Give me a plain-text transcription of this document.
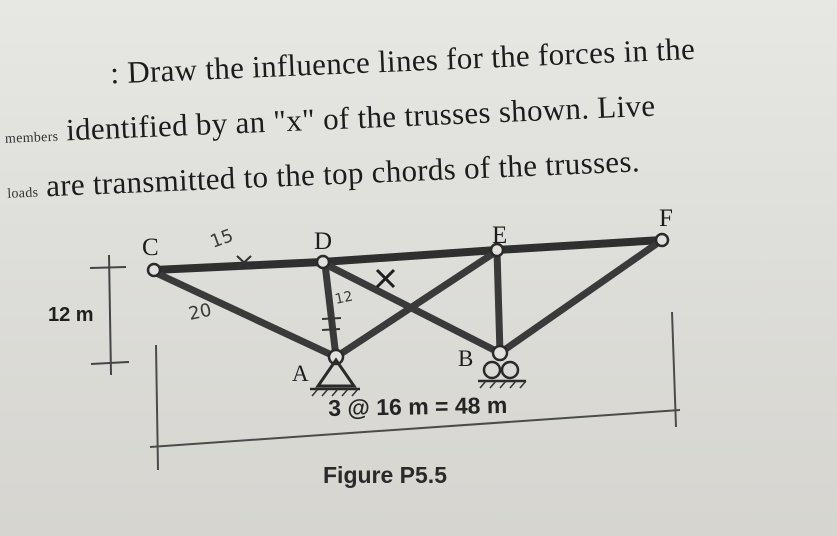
: Draw the influence lines for the forces in the
members identified by an "x" of the trusses shown. Live
loads are transmitted to the top chords of the trusses.
C	D	E
F
A
B
15
20
12
12 m
3 @ 16 m = 48 m
Figure P5.5
